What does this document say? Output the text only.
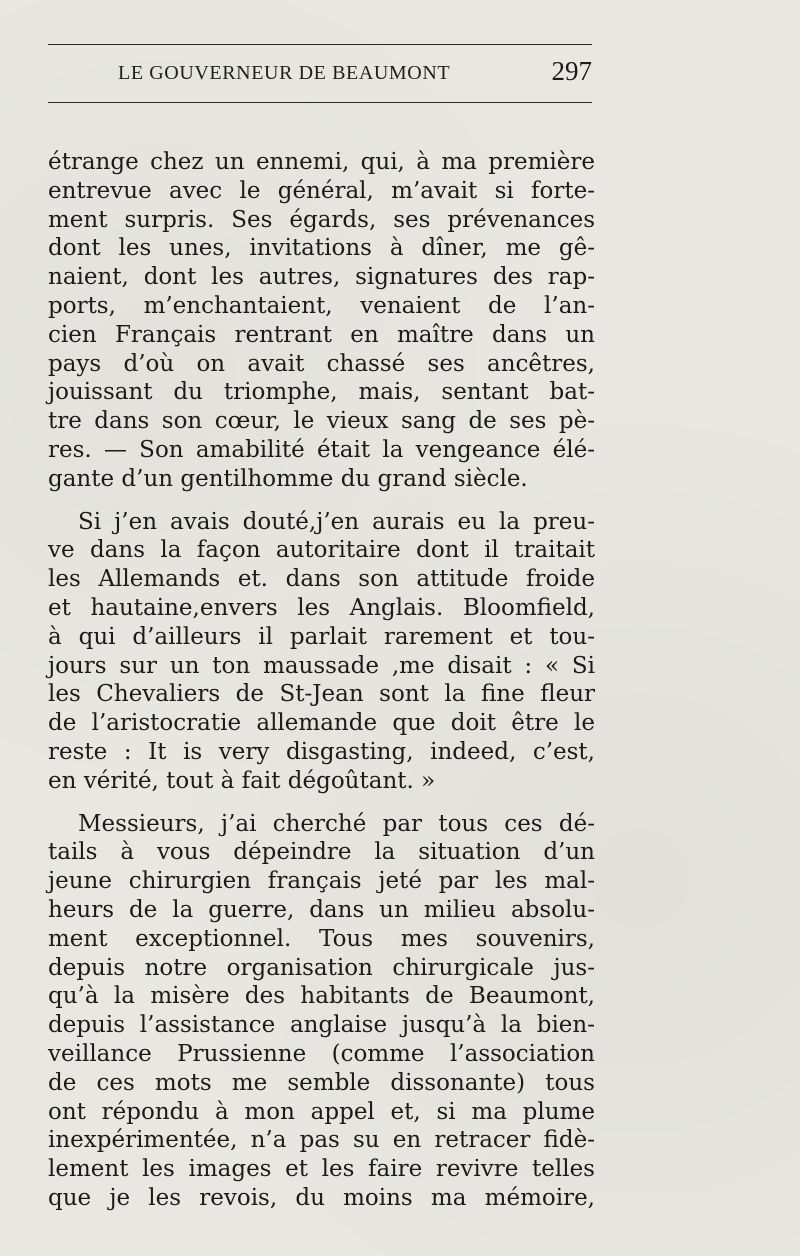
LE GOUVERNEUR DE BEAUMONT	297
étrange chez un ennemi, qui, à ma première
entrevue avec le général, m’avait si forte-
ment surpris. Ses égards, ses prévenances
dont les unes, invitations à dîner, me gê-
naient, dont les autres, signatures des rap-
ports, m’enchantaient, venaient de l’an-
cien Français rentrant en maître dans un
pays d’où on avait chassé ses ancêtres,
jouissant du triomphe, mais, sentant bat-
tre dans son cœur, le vieux sang de ses pè-
res. — Son amabilité était la vengeance élé-
gante d’un gentilhomme du grand siècle.
Si j’en avais douté,j’en aurais eu la preu-
ve dans la façon autoritaire dont il traitait
les Allemands et. dans son attitude froide
et hautaine,envers les Anglais. Bloomfield,
à qui d’ailleurs il parlait rarement et tou-
jours sur un ton maussade ,me disait : « Si
les Chevaliers de St-Jean sont la fine fleur
de l’aristocratie allemande que doit être le
reste : It is very disgasting, indeed, c’est,
en vérité, tout à fait dégoûtant. »
Messieurs, j’ai cherché par tous ces dé-
tails à vous dépeindre la situation d’un
jeune chirurgien français jeté par les mal-
heurs de la guerre, dans un milieu absolu-
ment exceptionnel. Tous mes souvenirs,
depuis notre organisation chirurgicale jus-
qu’à la misère des habitants de Beaumont,
depuis l’assistance anglaise jusqu’à la bien-
veillance Prussienne (comme l’association
de ces mots me semble dissonante) tous
ont répondu à mon appel et, si ma plume
inexpérimentée, n’a pas su en retracer fidè-
lement les images et les faire revivre telles
que je les revois, du moins ma mémoire,
